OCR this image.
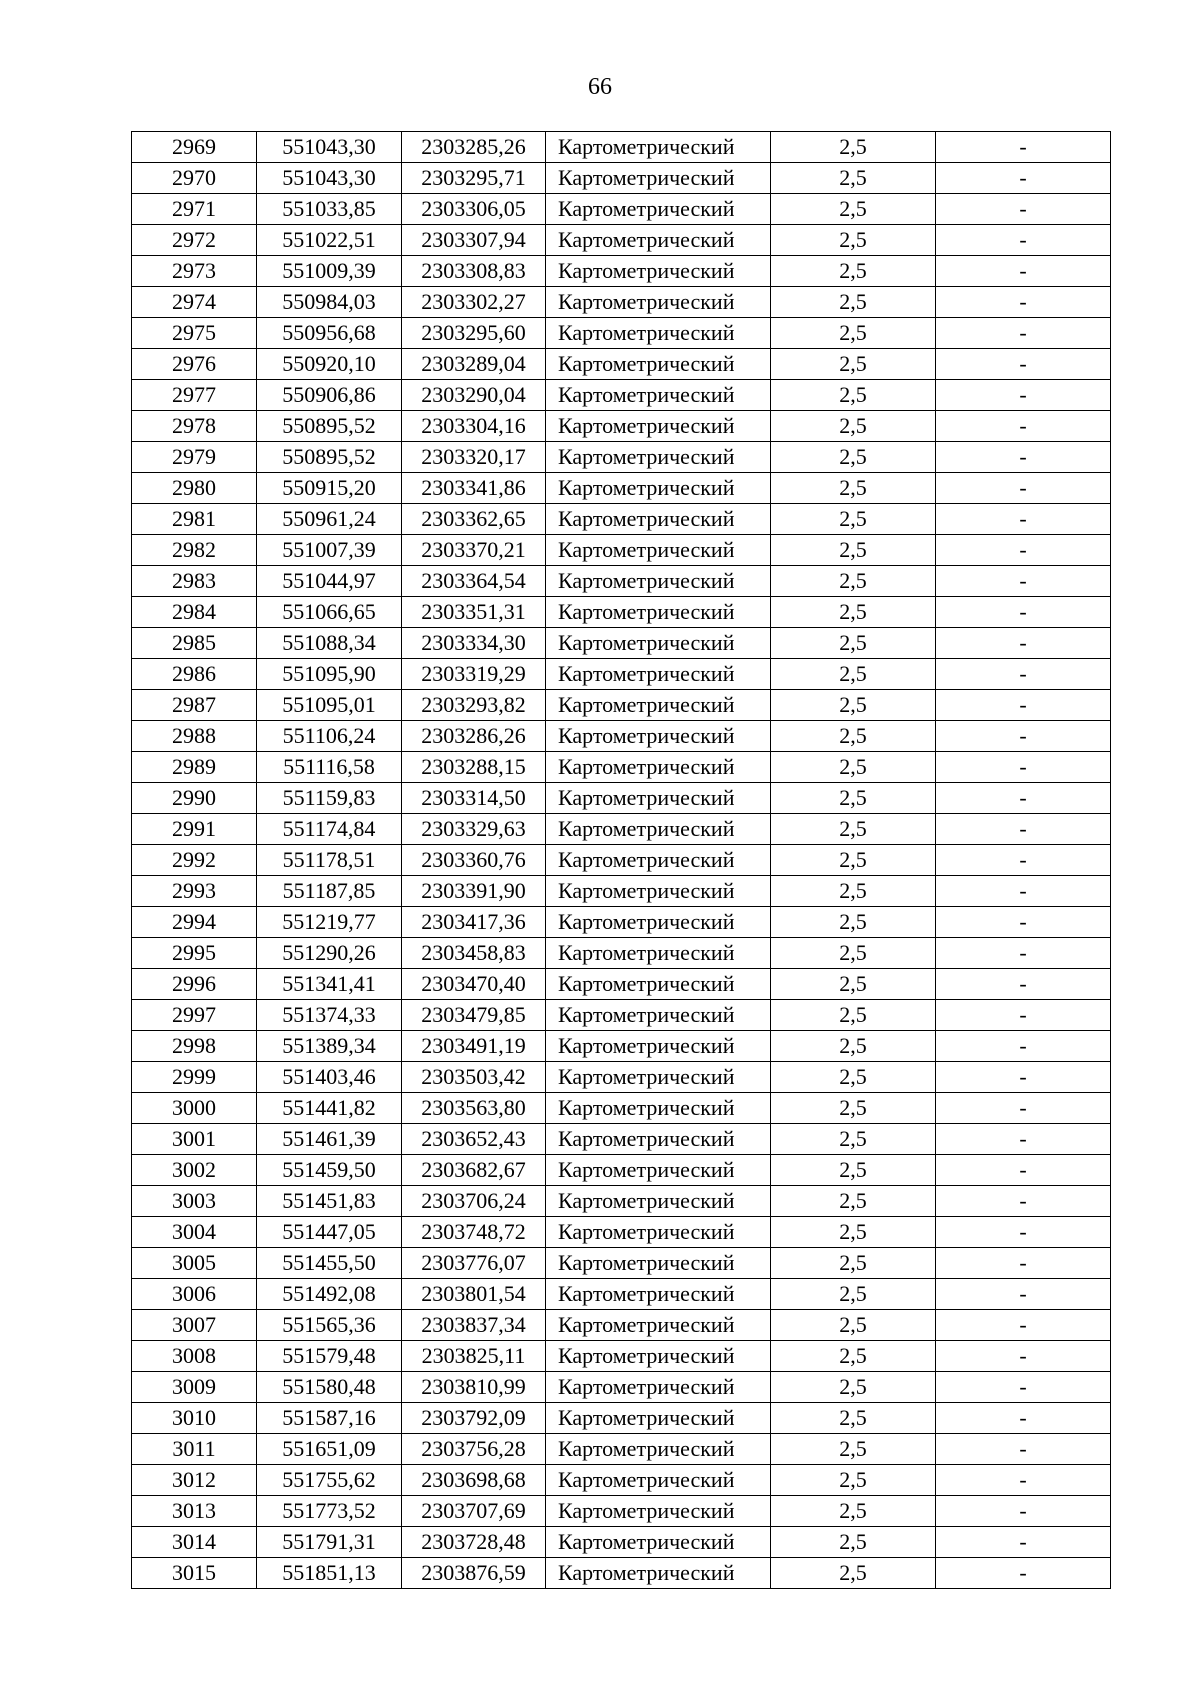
66
2969	551043,30	2303285,26	Картометрический	2,5	-
2970	551043,30	2303295,71	Картометрический	2,5	-
2971	551033,85	2303306,05	Картометрический	2,5	-
2972	551022,51	2303307,94	Картометрический	2,5	-
2973	551009,39	2303308,83	Картометрический	2,5	-
2974	550984,03	2303302,27	Картометрический	2,5	-
2975	550956,68	2303295,60	Картометрический	2,5	-
2976	550920,10	2303289,04	Картометрический	2,5	-
2977	550906,86	2303290,04	Картометрический	2,5	-
2978	550895,52	2303304,16	Картометрический	2,5	-
2979	550895,52	2303320,17	Картометрический	2,5	-
2980	550915,20	2303341,86	Картометрический	2,5	-
2981	550961,24	2303362,65	Картометрический	2,5	-
2982	551007,39	2303370,21	Картометрический	2,5	-
2983	551044,97	2303364,54	Картометрический	2,5	-
2984	551066,65	2303351,31	Картометрический	2,5	-
2985	551088,34	2303334,30	Картометрический	2,5	-
2986	551095,90	2303319,29	Картометрический	2,5	-
2987	551095,01	2303293,82	Картометрический	2,5	-
2988	551106,24	2303286,26	Картометрический	2,5	-
2989	551116,58	2303288,15	Картометрический	2,5	-
2990	551159,83	2303314,50	Картометрический	2,5	-
2991	551174,84	2303329,63	Картометрический	2,5	-
2992	551178,51	2303360,76	Картометрический	2,5	-
2993	551187,85	2303391,90	Картометрический	2,5	-
2994	551219,77	2303417,36	Картометрический	2,5	-
2995	551290,26	2303458,83	Картометрический	2,5	-
2996	551341,41	2303470,40	Картометрический	2,5	-
2997	551374,33	2303479,85	Картометрический	2,5	-
2998	551389,34	2303491,19	Картометрический	2,5	-
2999	551403,46	2303503,42	Картометрический	2,5	-
3000	551441,82	2303563,80	Картометрический	2,5	-
3001	551461,39	2303652,43	Картометрический	2,5	-
3002	551459,50	2303682,67	Картометрический	2,5	-
3003	551451,83	2303706,24	Картометрический	2,5	-
3004	551447,05	2303748,72	Картометрический	2,5	-
3005	551455,50	2303776,07	Картометрический	2,5	-
3006	551492,08	2303801,54	Картометрический	2,5	-
3007	551565,36	2303837,34	Картометрический	2,5	-
3008	551579,48	2303825,11	Картометрический	2,5	-
3009	551580,48	2303810,99	Картометрический	2,5	-
3010	551587,16	2303792,09	Картометрический	2,5	-
3011	551651,09	2303756,28	Картометрический	2,5	-
3012	551755,62	2303698,68	Картометрический	2,5	-
3013	551773,52	2303707,69	Картометрический	2,5	-
3014	551791,31	2303728,48	Картометрический	2,5	-
3015	551851,13	2303876,59	Картометрический	2,5	-
